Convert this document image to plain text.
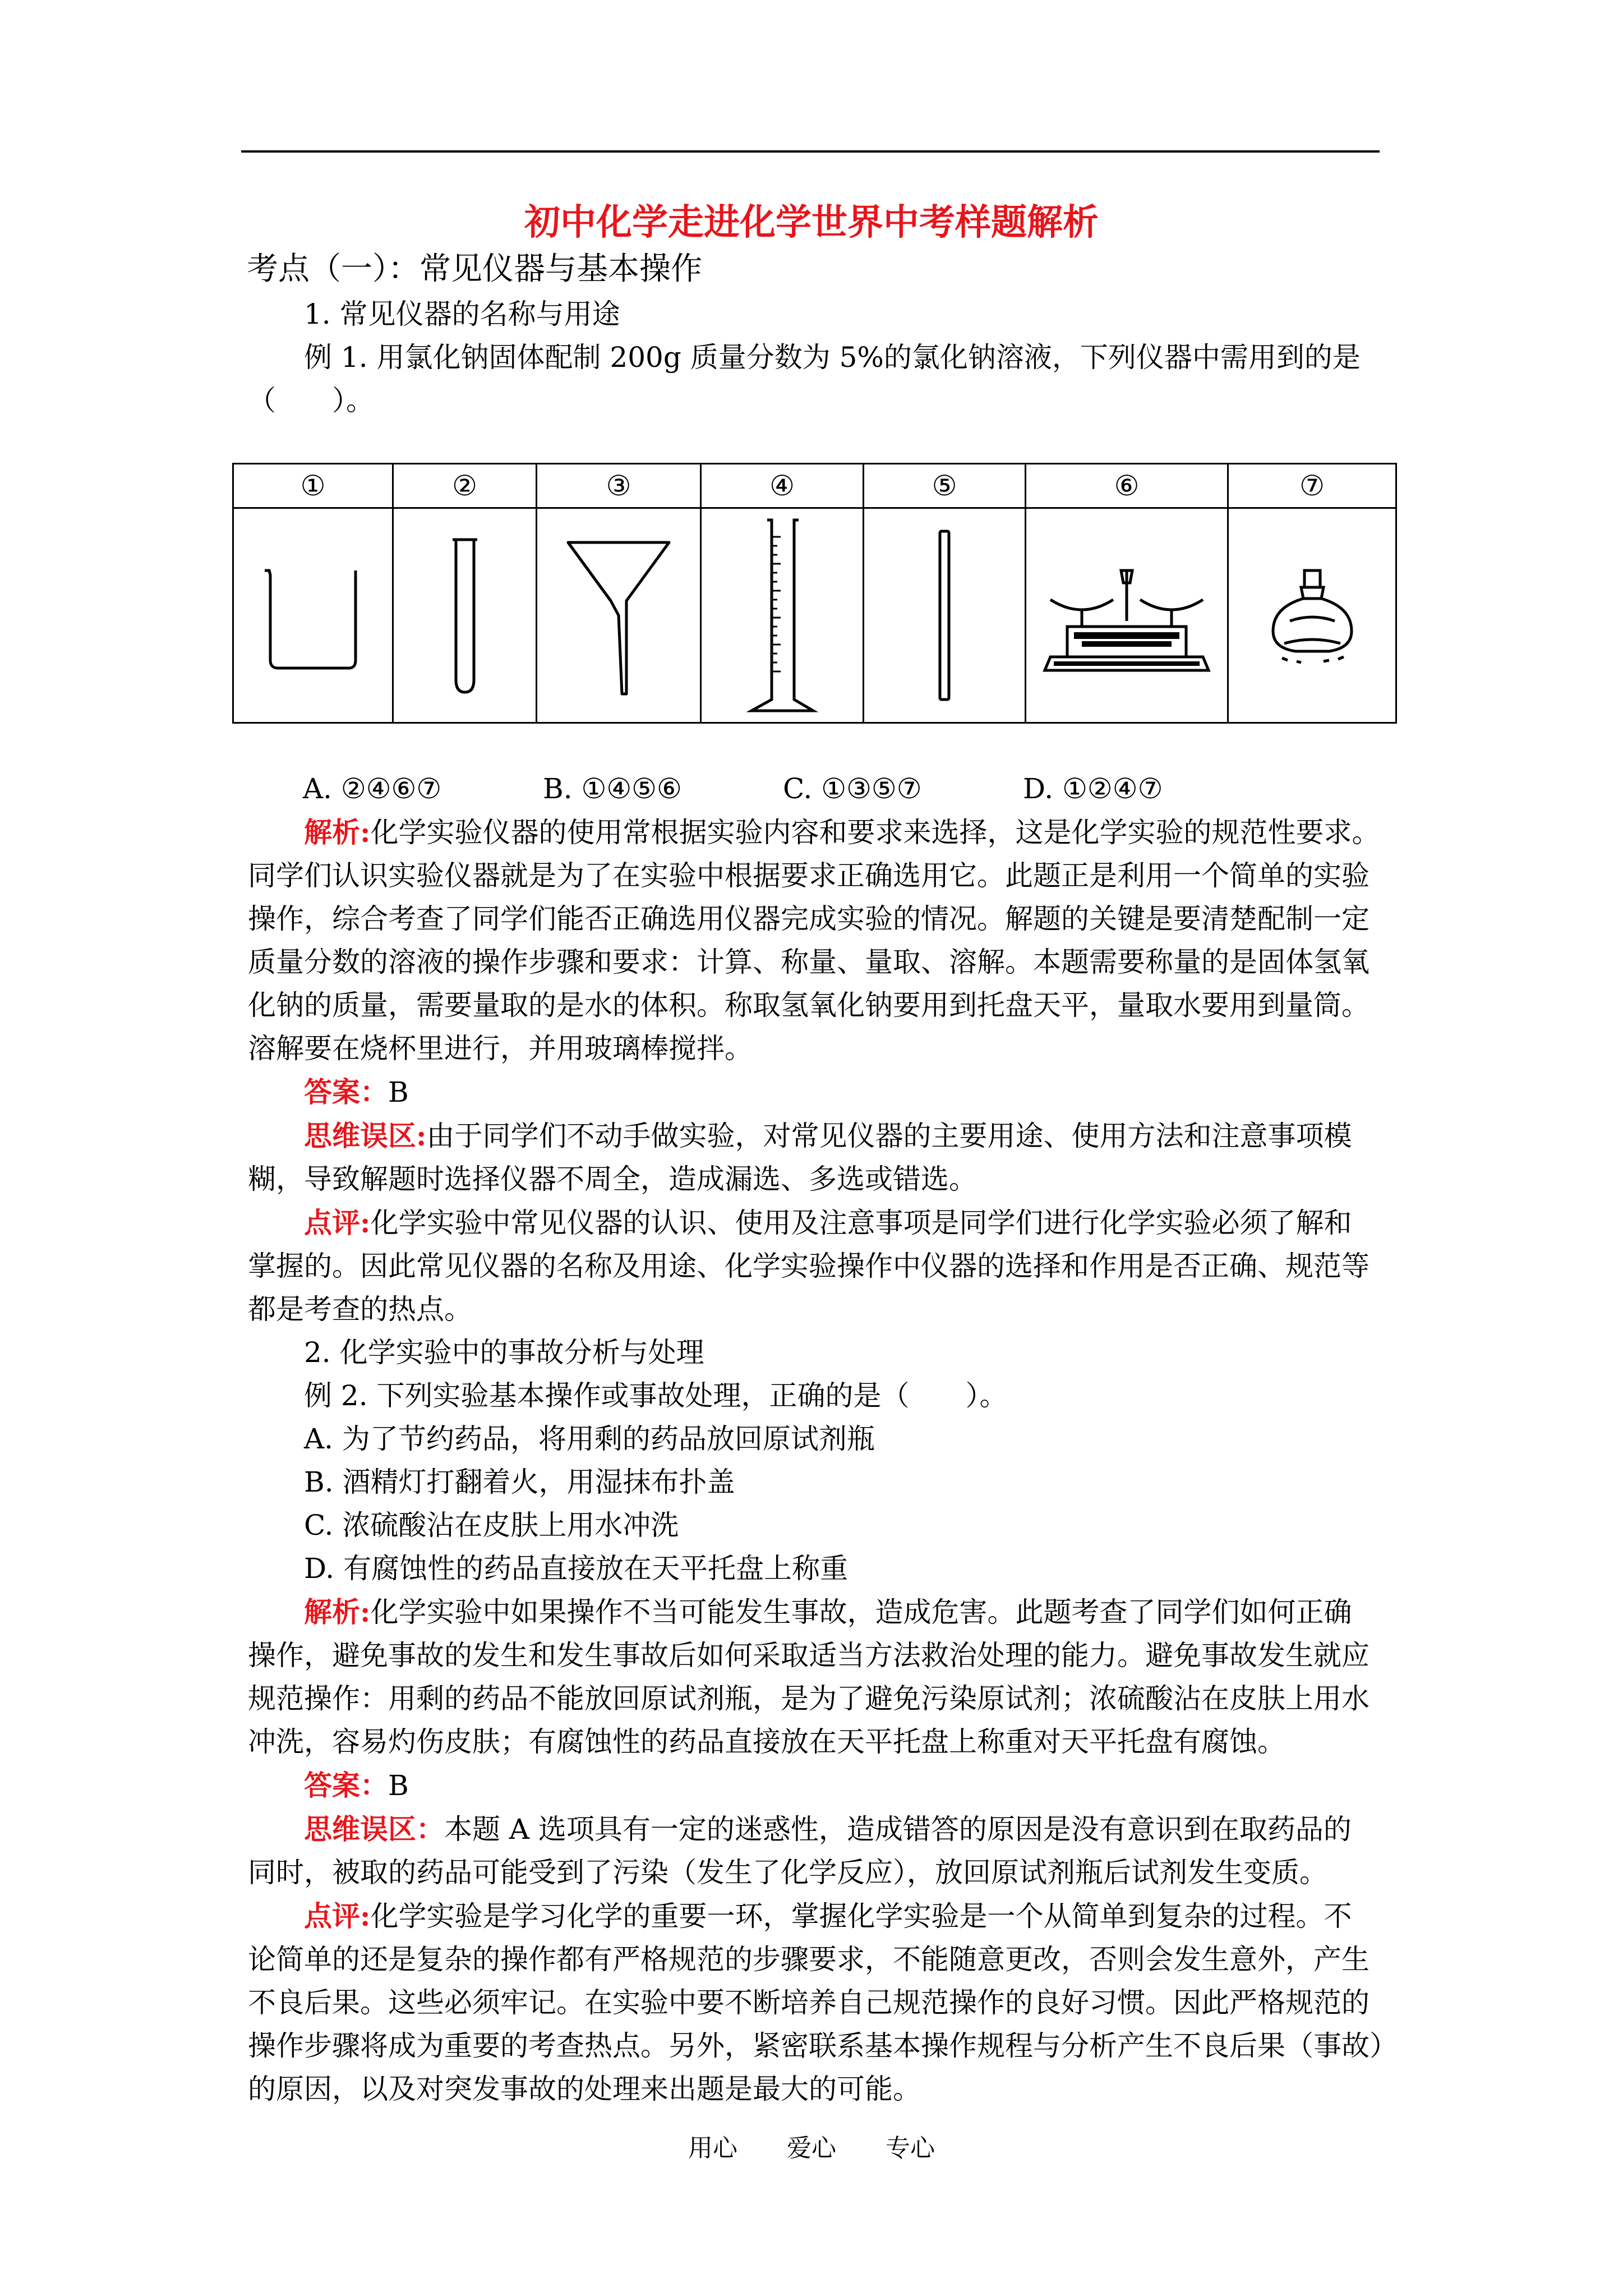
初中化学走进化学世界中考样题解析
考点（一）：常见仪器与基本操作

1. 常见仪器的名称与用途

例 1. 用氯化钠固体配制 200g 质量分数为 5%的氯化钠溶液，下列仪器中需用到的是

（　　）。

①	②	③	④	⑤	⑥	⑦

A. ②④⑥⑦	B. ①④⑤⑥	C. ①③⑤⑦	D. ①②④⑦

解析:化学实验仪器的使用常根据实验内容和要求来选择，这是化学实验的规范性要求。

同学们认识实验仪器就是为了在实验中根据要求正确选用它。此题正是利用一个简单的实验

操作，综合考查了同学们能否正确选用仪器完成实验的情况。解题的关键是要清楚配制一定

质量分数的溶液的操作步骤和要求：计算、称量、量取、溶解。本题需要称量的是固体氢氧

化钠的质量，需要量取的是水的体积。称取氢氧化钠要用到托盘天平，量取水要用到量筒。

溶解要在烧杯里进行，并用玻璃棒搅拌。

答案：B

思维误区:由于同学们不动手做实验，对常见仪器的主要用途、使用方法和注意事项模

糊，导致解题时选择仪器不周全，造成漏选、多选或错选。

点评:化学实验中常见仪器的认识、使用及注意事项是同学们进行化学实验必须了解和

掌握的。因此常见仪器的名称及用途、化学实验操作中仪器的选择和作用是否正确、规范等

都是考查的热点。

2. 化学实验中的事故分析与处理

例 2. 下列实验基本操作或事故处理，正确的是（　　）。

A. 为了节约药品，将用剩的药品放回原试剂瓶

B. 酒精灯打翻着火，用湿抹布扑盖

C. 浓硫酸沾在皮肤上用水冲洗

D. 有腐蚀性的药品直接放在天平托盘上称重

解析:化学实验中如果操作不当可能发生事故，造成危害。此题考查了同学们如何正确

操作，避免事故的发生和发生事故后如何采取适当方法救治处理的能力。避免事故发生就应

规范操作：用剩的药品不能放回原试剂瓶，是为了避免污染原试剂；浓硫酸沾在皮肤上用水

冲洗，容易灼伤皮肤；有腐蚀性的药品直接放在天平托盘上称重对天平托盘有腐蚀。

答案：B

思维误区：本题 A 选项具有一定的迷惑性，造成错答的原因是没有意识到在取药品的

同时，被取的药品可能受到了污染（发生了化学反应），放回原试剂瓶后试剂发生变质。

点评:化学实验是学习化学的重要一环，掌握化学实验是一个从简单到复杂的过程。不

论简单的还是复杂的操作都有严格规范的步骤要求，不能随意更改，否则会发生意外，产生

不良后果。这些必须牢记。在实验中要不断培养自己规范操作的良好习惯。因此严格规范的

操作步骤将成为重要的考查热点。另外，紧密联系基本操作规程与分析产生不良后果（事故）

的原因，以及对突发事故的处理来出题是最大的可能。

用心　　爱心　　专心
